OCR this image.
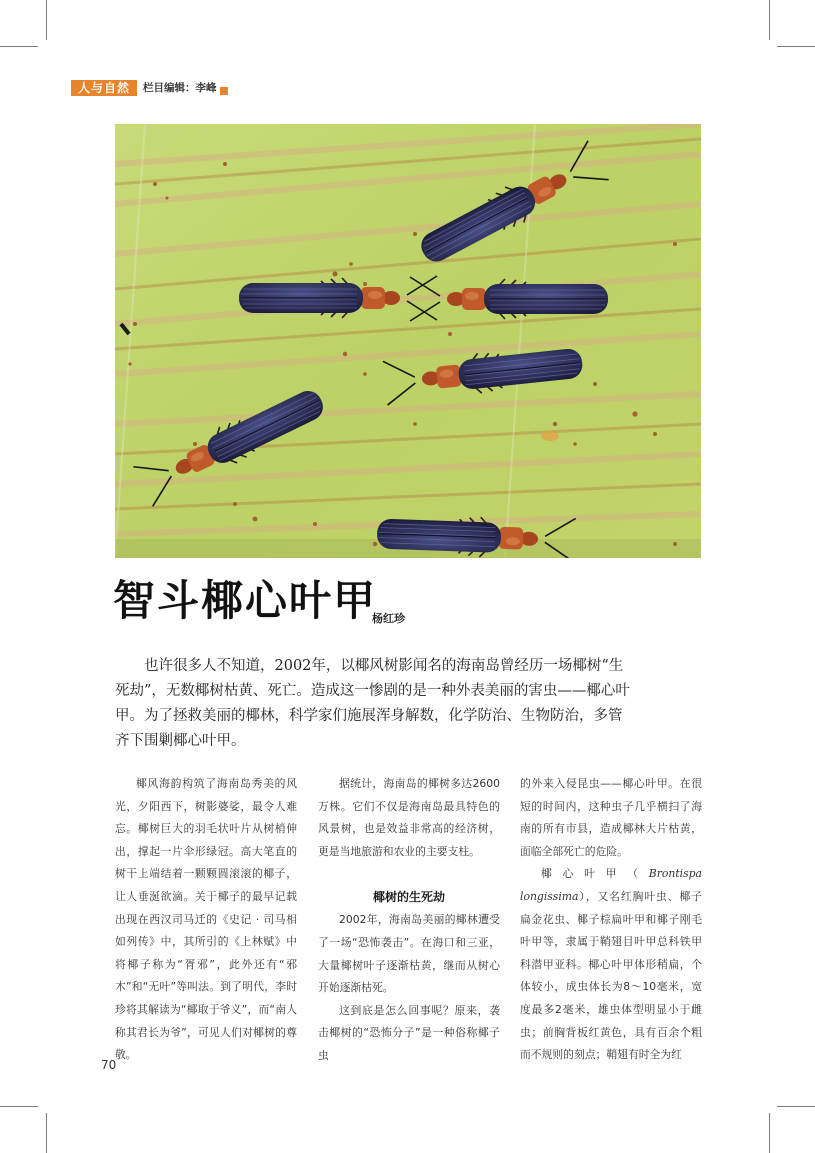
人与自然	栏目编辑：李峰
智斗椰心叶甲
杨红珍

也许很多人不知道，2002年，以椰风树影闻名的海南岛曾经历一场椰树“生死劫”，无数椰树枯黄、死亡。造成这一惨剧的是一种外表美丽的害虫——椰心叶甲。为了拯救美丽的椰林，科学家们施展浑身解数，化学防治、生物防治，多管齐下围剿椰心叶甲。

椰风海韵构筑了海南岛秀美的风光，夕阳西下，树影婆娑，最令人难忘。椰树巨大的羽毛状叶片从树梢伸出，撑起一片伞形绿冠。高大笔直的树干上端结着一颗颗圆滚滚的椰子，让人垂涎欲滴。关于椰子的最早记载出现在西汉司马迁的《史记 · 司马相如列传》中，其所引的《上林赋》中将椰子称为“胥邪”，此外还有“邪木”和“无叶”等叫法。到了明代，李时珍将其解读为“椰取于爷义”，而“南人称其君长为爷”，可见人们对椰树的尊敬。

据统计，海南岛的椰树多达2600万株。它们不仅是海南岛最具特色的风景树，也是效益非常高的经济树，更是当地旅游和农业的主要支柱。

椰树的生死劫

2002年，海南岛美丽的椰林遭受了一场“恐怖袭击”。在海口和三亚，大量椰树叶子逐渐枯黄，继而从树心开始逐渐枯死。

这到底是怎么回事呢？原来，袭击椰树的“恐怖分子”是一种俗称椰子虫

的外来入侵昆虫——椰心叶甲。在很短的时间内，这种虫子几乎横扫了海南的所有市县，造成椰林大片枯黄，面临全部死亡的危险。

椰心叶甲（Brontispa longissima），又名红胸叶虫、椰子扁金花虫、椰子棕扁叶甲和椰子刚毛叶甲等，隶属于鞘翅目叶甲总科铁甲科潜甲亚科。椰心叶甲体形稍扁，个体较小，成虫体长为8～10毫米，宽度最多2毫米，雄虫体型明显小于雌虫；前胸背板红黄色，具有百余个粗而不规则的刻点；鞘翅有时全为红

70
